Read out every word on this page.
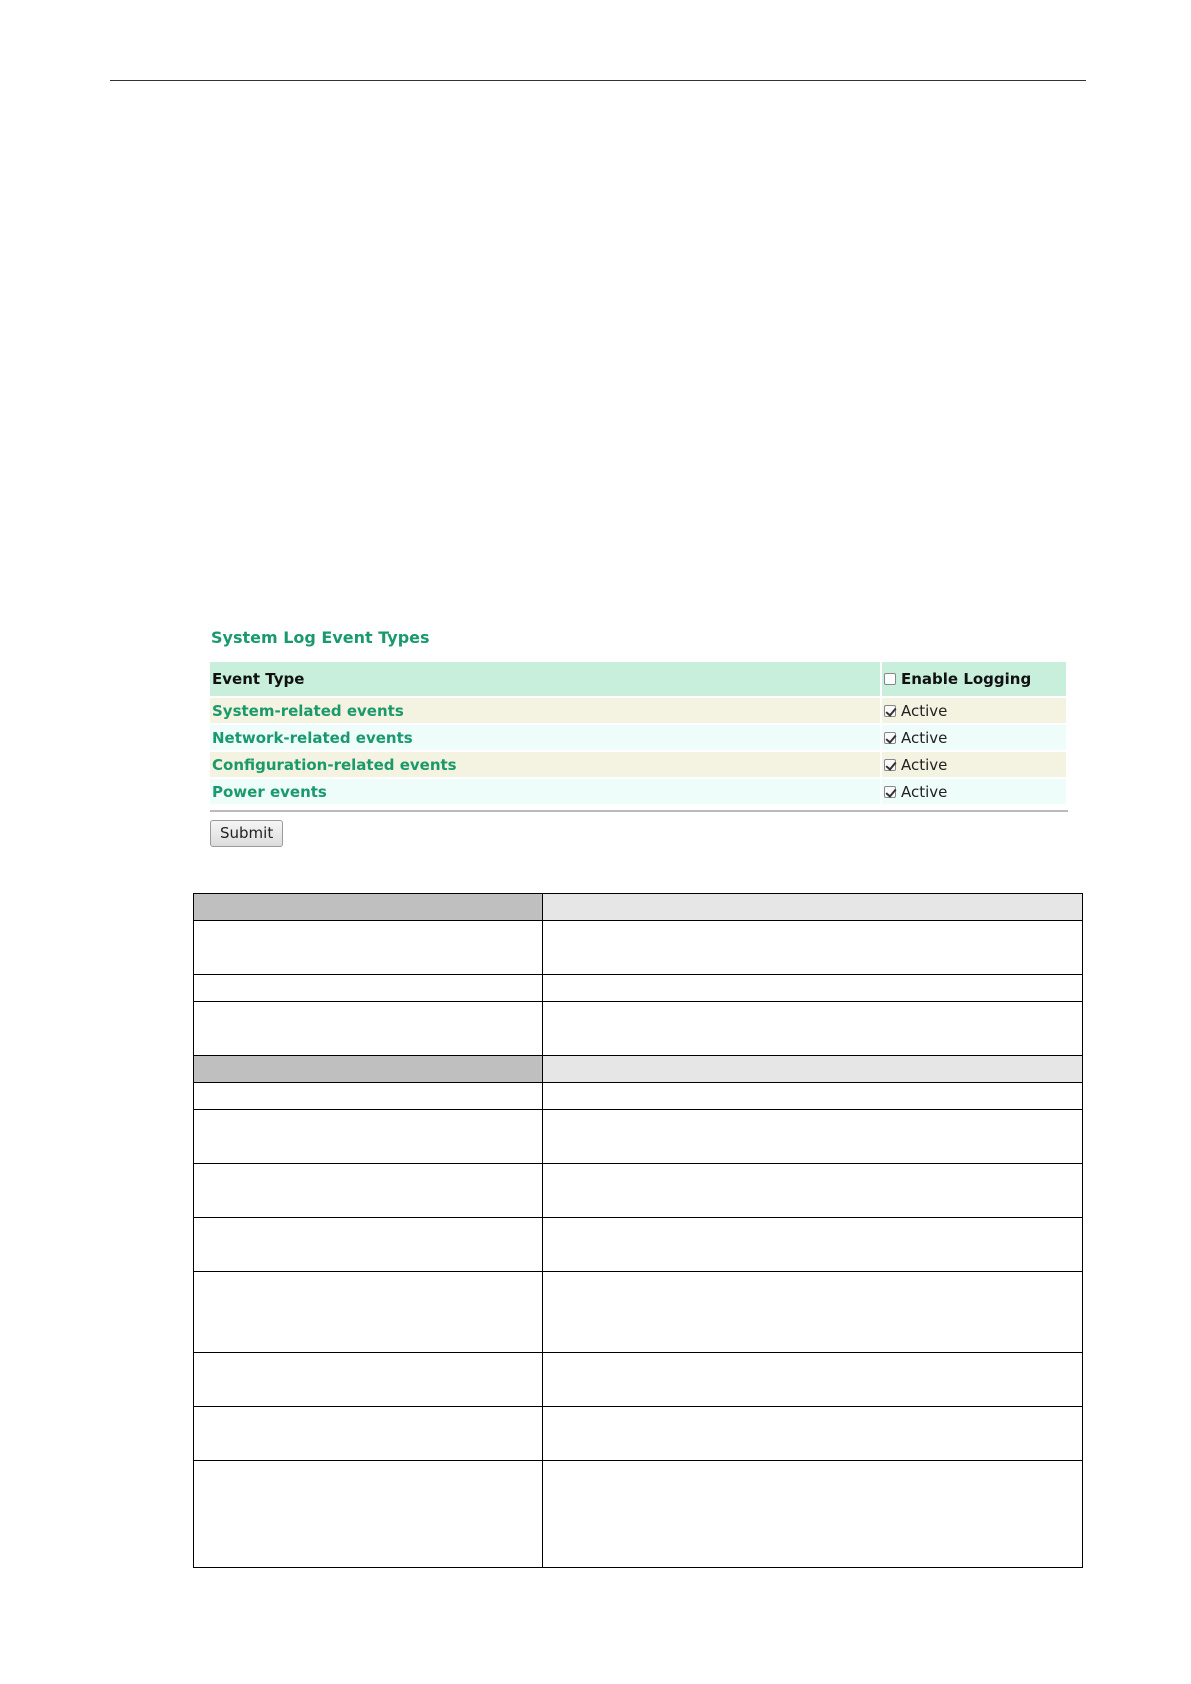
System Log Event Types
Event Type	Enable Logging
System-related events	Active
Network-related events	Active
Configuration-related events	Active
Power events	Active
Submit
